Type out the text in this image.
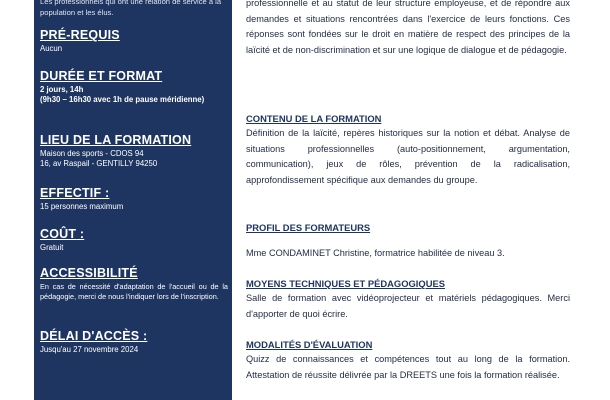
Les professionnels qui ont une relation de service à la population et les élus.
PRÉ-REQUIS
Aucun
DURÉE ET FORMAT
2 jours, 14h
(9h30 – 16h30 avec 1h de pause méridienne)
LIEU DE LA FORMATION
Maison des sports - CDOS 94
16, av Raspail - GENTILLY 94250
EFFECTIF :
15 personnes maximum
COÛT :
Gratuit
ACCESSIBILITÉ
En cas de nécessité d'adaptation de l'accueil ou de la pédagogie, merci de nous l'indiquer lors de l'inscription.
DÉLAI D'ACCÈS :
Jusqu'au 27 novembre 2024
professionnelle et au statut de leur structure employeuse, et de répondre aux demandes et situations rencontrées dans l'exercice de leurs fonctions. Ces réponses sont fondées sur le droit en matière de respect des principes de la laïcité et de non-discrimination et sur une logique de dialogue et de pédagogie.
CONTENU DE LA FORMATION
Définition de la laïcité, repères historiques sur la notion et débat. Analyse de situations professionnelles (auto-positionnement, argumentation, communication), jeux de rôles, prévention de la radicalisation, approfondissement spécifique aux demandes du groupe.
PROFIL DES FORMATEURS
Mme CONDAMINET Christine, formatrice habilitée de niveau 3.
MOYENS TECHNIQUES ET PÉDAGOGIQUES
Salle de formation avec vidéoprojecteur et matériels pédagogiques. Merci d'apporter de quoi écrire.
MODALITÉS D'ÉVALUATION
Quizz de connaissances et compétences tout au long de la formation. Attestation de réussite délivrée par la DREETS une fois la formation réalisée.
